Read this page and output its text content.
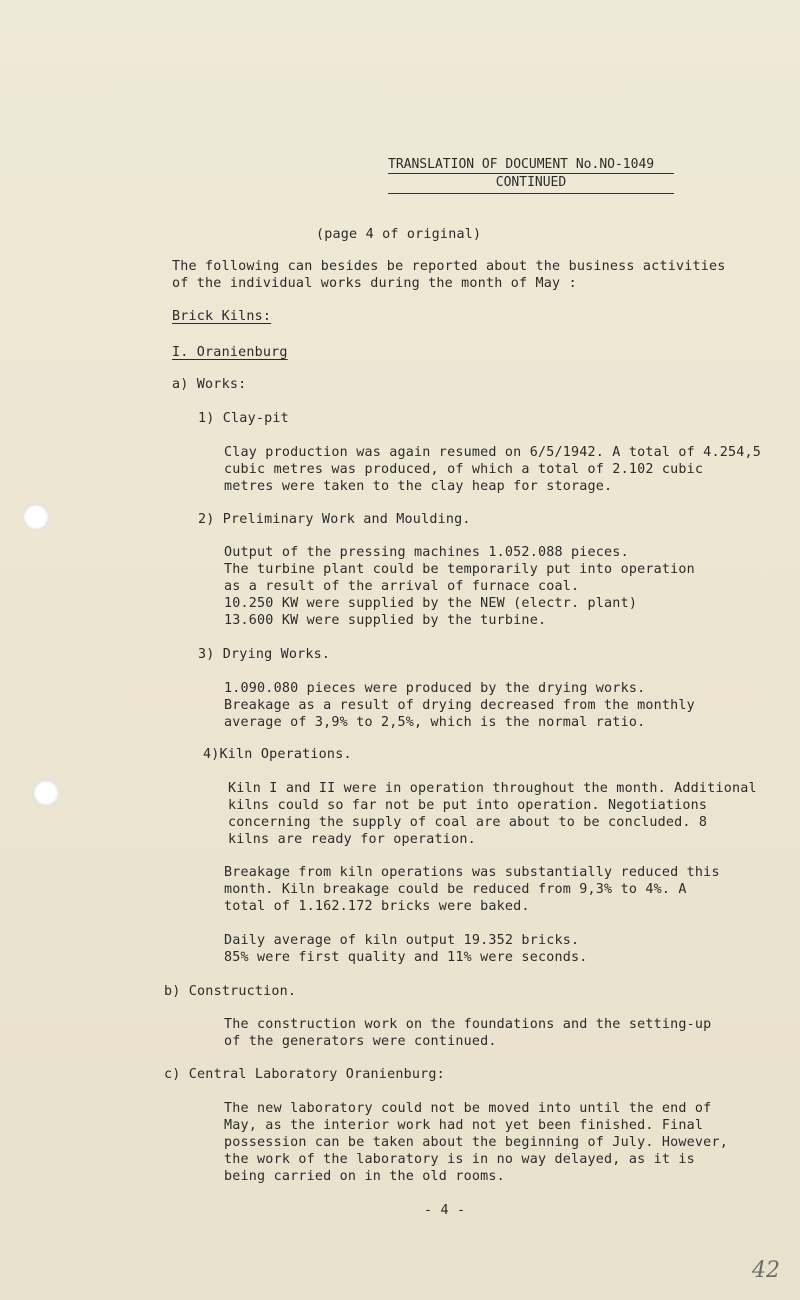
TRANSLATION OF DOCUMENT No.NO-1049
CONTINUED
(page 4 of original)
The following can besides be reported about the business activities
of the individual works during the month of May :
Brick Kilns:
I. Oranienburg
a) Works:
1) Clay-pit
Clay production was again resumed on 6/5/1942. A total of 4.254,5
cubic metres was produced, of which a total of 2.102 cubic
metres were taken to the clay heap for storage.
2) Preliminary Work and Moulding.
Output of the pressing machines 1.052.088 pieces.
The turbine plant could be temporarily put into operation
as a result of the arrival of furnace coal.
10.250 KW were supplied by the NEW (electr. plant)
13.600 KW were supplied by the turbine.
3) Drying Works.
1.090.080 pieces were produced by the drying works.
Breakage as a result of drying decreased from the monthly
average of 3,9% to 2,5%, which is the normal ratio.
4)Kiln Operations.
Kiln I and II were in operation throughout the month. Additional
kilns could so far not be put into operation. Negotiations
concerning the supply of coal are about to be concluded. 8
kilns are ready for operation.
Breakage from kiln operations was substantially reduced this
month. Kiln breakage could be reduced from 9,3% to 4%. A
total of 1.162.172 bricks were baked.
Daily average of kiln output 19.352 bricks.
85% were first quality and 11% were seconds.
b) Construction.
The construction work on the foundations and the setting-up
of the generators were continued.
c) Central Laboratory Oranienburg:
The new laboratory could not be moved into until the end of
May, as the interior work had not yet been finished. Final
possession can be taken about the beginning of July. However,
the work of the laboratory is in no way delayed, as it is
being carried on in the old rooms.
- 4 -
42
